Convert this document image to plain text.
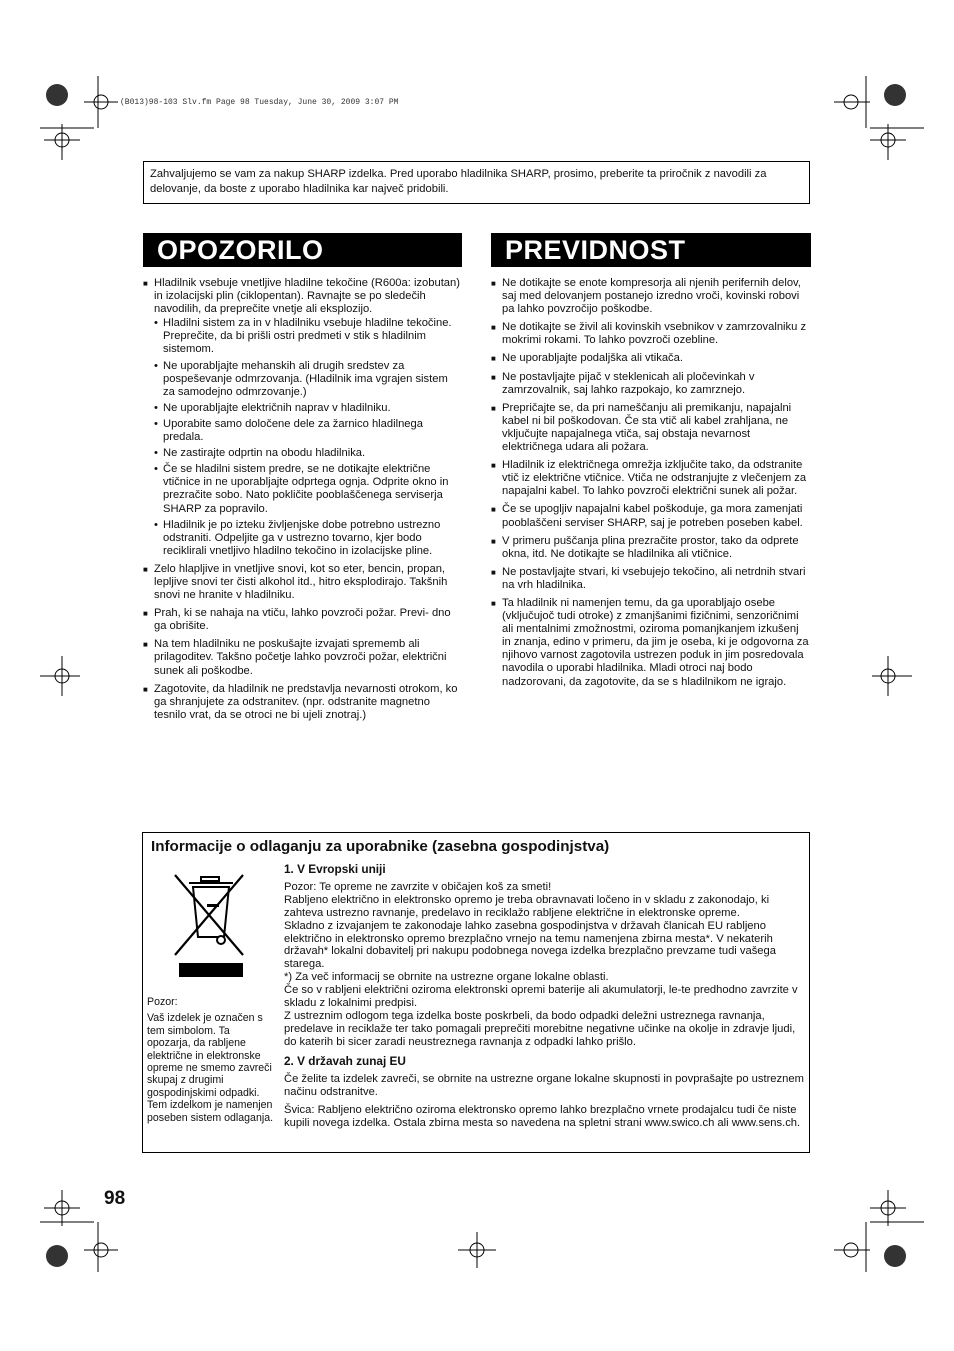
(B013)98-103 Slv.fm Page 98 Tuesday, June 30, 2009 3:07 PM
Zahvaljujemo se vam za nakup SHARP izdelka. Pred uporabo hladilnika SHARP, prosimo, preberite ta priročnik z navodili za delovanje, da boste z uporabo hladilnika kar največ pridobili.
OPOZORILO
■ Hladilnik vsebuje vnetljive hladilne tekočine (R600a: izobutan) in izolacijski plin (ciklopentan). Ravnajte se po sledečih navodilih, da preprečite vnetje ali eksplozijo.
• Hladilni sistem za in v hladilniku vsebuje hladilne tekočine. Preprečite, da bi prišli ostri predmeti v stik s hladilnim sistemom.
• Ne uporabljajte mehanskih ali drugih sredstev za pospeševanje odmrzovanja. (Hladilnik ima vgrajen sistem za samodejno odmrzovanje.)
• Ne uporabljajte električnih naprav v hladilniku.
• Uporabite samo določene dele za žarnico hladilnega predala.
• Ne zastirajte odprtin na obodu hladilnika.
• Če se hladilni sistem predre, se ne dotikajte električne vtičnice in ne uporabljajte odprtega ognja. Odprite okno in prezračite sobo. Nato pokličite pooblaščenega serviserja SHARP za popravilo.
• Hladilnik je po izteku življenjske dobe potrebno ustrezno odstraniti. Odpeljite ga v ustrezno tovarno, kjer bodo reciklirali vnetljivo hladilno tekočino in izolacijske pline.
■ Zelo hlapljive in vnetljive snovi, kot so eter, bencin, propan, lepljive snovi ter čisti alkohol itd., hitro eksplodirajo. Takšnih snovi ne hranite v hladilniku.
■ Prah, ki se nahaja na vtiču, lahko povzroči požar. Previ- dno ga obrišite.
■ Na tem hladilniku ne poskušajte izvajati sprememb ali prilagoditev. Takšno početje lahko povzroči požar, električni sunek ali poškodbe.
■ Zagotovite, da hladilnik ne predstavlja nevarnosti otrokom, ko ga shranjujete za odstranitev. (npr. odstranite magnetno tesnilo vrat, da se otroci ne bi ujeli znotraj.)
PREVIDNOST
■ Ne dotikajte se enote kompresorja ali njenih perifernih delov, saj med delovanjem postanejo izredno vroči, kovinski robovi pa lahko povzročijo poškodbe.
■ Ne dotikajte se živil ali kovinskih vsebnikov v zamrzovalniku z mokrimi rokami. To lahko povzroči ozebline.
■ Ne uporabljajte podaljška ali vtikača.
■ Ne postavljajte pijač v steklenicah ali pločevinkah v zamrzovalnik, saj lahko razpokajo, ko zamrznejo.
■ Prepričajte se, da pri nameščanju ali premikanju, napajalni kabel ni bil poškodovan. Če sta vtič ali kabel zrahljana, ne vključujte napajalnega vtiča, saj obstaja nevarnost električnega udara ali požara.
■ Hladilnik iz električnega omrežja izključite tako, da odstranite vtič iz električne vtičnice. Vtiča ne odstranjujte z vlečenjem za napajalni kabel. To lahko povzroči električni sunek ali požar.
■ Če se upogljiv napajalni kabel poškoduje, ga mora zamenjati pooblaščeni serviser SHARP, saj je potreben poseben kabel.
■ V primeru puščanja plina prezračite prostor, tako da odprete okna, itd. Ne dotikajte se hladilnika ali vtičnice.
■ Ne postavljajte stvari, ki vsebujejo tekočino, ali netrdnih stvari na vrh hladilnika.
■ Ta hladilnik ni namenjen temu, da ga uporabljajo osebe (vključujoč tudi otroke) z zmanjšanimi fizičnimi, senzoričnimi ali mentalnimi zmožnostmi, oziroma pomanjkanjem izkušenj in znanja, edino v primeru, da jim je oseba, ki je odgovorna za njihovo varnost zagotovila ustrezen poduk in jim posredovala navodila o uporabi hladilnika. Mladi otroci naj bodo nadzorovani, da zagotovite, da se s hladilnikom ne igrajo.
Informacije o odlaganju za uporabnike (zasebna gospodinjstva)

Pozor:

Vaš izdelek je označen s tem simbolom. Ta opozarja, da rabljene električne in elektronske opreme ne smemo zavreči skupaj z drugimi gospodinjskimi odpadki. Tem izdelkom je namenjen poseben sistem odlaganja.

1. V Evropski uniji

Pozor: Te opreme ne zavrzite v običajen koš za smeti!

Rabljeno električno in elektronsko opremo je treba obravnavati ločeno in v skladu z zakonodajo, ki zahteva ustrezno ravnanje, predelavo in reciklažo rabljene električne in elektronske opreme.

Skladno z izvajanjem te zakonodaje lahko zasebna gospodinjstva v državah članicah EU rabljeno električno in elektronsko opremo brezplačno vrnejo na temu namenjena zbirna mesta*. V nekaterih državah* lokalni dobavitelj pri nakupu podobnega novega izdelka brezplačno prevzame tudi vašega starega.

*) Za več informacij se obrnite na ustrezne organe lokalne oblasti.

Če so v rabljeni električni oziroma elektronski opremi baterije ali akumulatorji, le-te predhodno zavrzite v skladu z lokalnimi predpisi.

Z ustreznim odlogom tega izdelka boste poskrbeli, da bodo odpadki deležni ustreznega ravnanja, predelave in reciklaže ter tako pomagali preprečiti morebitne negativne učinke na okolje in zdravje ljudi, do katerih bi sicer zaradi neustreznega ravnanja z odpadki lahko prišlo.

2. V državah zunaj EU

Če želite ta izdelek zavreči, se obrnite na ustrezne organe lokalne skupnosti in povprašajte po ustreznem načinu odstranitve.

Švica: Rabljeno električno oziroma elektronsko opremo lahko brezplačno vrnete prodajalcu tudi če niste kupili novega izdelka. Ostala zbirna mesta so navedena na spletni strani www.swico.ch ali www.sens.ch.

98
